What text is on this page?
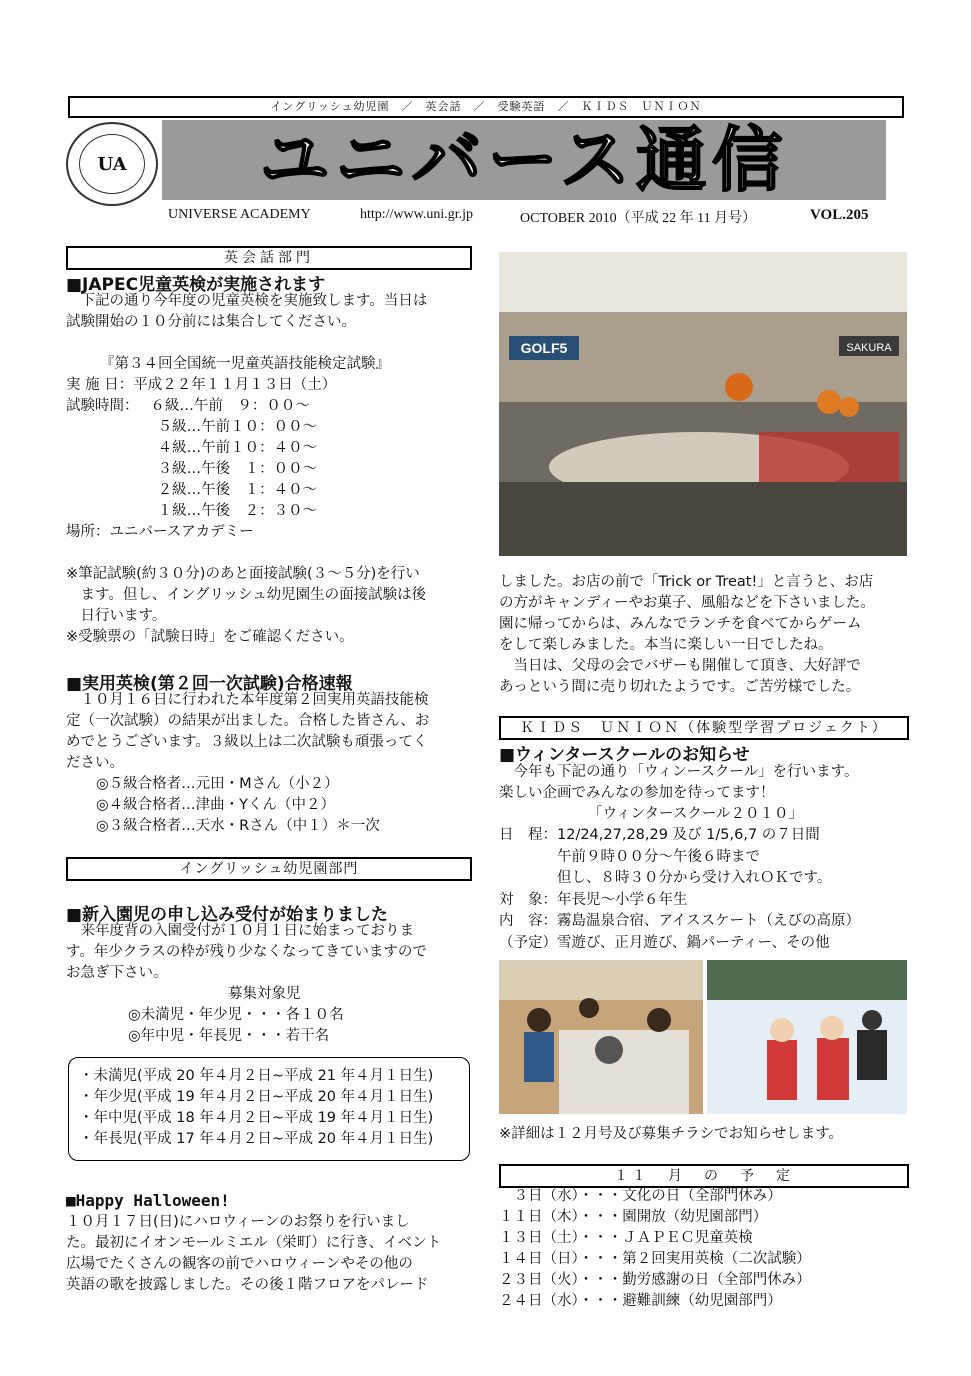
イングリッシュ幼児園　／　英会話　／　受験英語　／　ＫＩＤＳ　ＵＮＩＯＮ
UA	ユニバース通信
UNIVERSE ACADEMY	http://www.uni.gr.jp	OCTOBER 2010（平成 22 年 11 月号）	VOL.205
英会話部門
■JAPEC児童英検が実施されます
　下記の通り今年度の児童英検を実施致します。当日は
試験開始の１０分前には集合してください。
『第３４回全国統一児童英語技能検定試験』
実 施 日：平成２２年１１月１３日（土）
試験時間：　 ６級…午前　９：００～
　　　　　　 ５級…午前１０：００～
　　　　　　 ４級…午前１０：４０～
　　　　　　 ３級…午後　１：００～
　　　　　　 ２級…午後　１：４０～
　　　　　　 １級…午後　２：３０～
場所：ユニバースアカデミー
※筆記試験(約３０分)のあと面接試験(３～５分)を行い
　ます。但し、イングリッシュ幼児園生の面接試験は後
　日行います。
※受験票の「試験日時」をご確認ください。
■実用英検(第２回一次試験)合格速報
　１０月１６日に行われた本年度第２回実用英語技能検
定（一次試験）の結果が出ました。合格した皆さん、お
めでとうございます。３級以上は二次試験も頑張ってく
ださい。
◎５級合格者…元田・Mさん（小２）
◎４級合格者…津曲・Yくん（中２）
◎３級合格者…天水・Rさん（中１）＊一次
イングリッシュ幼児園部門
■新入園児の申し込み受付が始まりました
　来年度背の入園受付が１０月１日に始まっておりま
す。年少クラスの枠が残り少なくなってきていますので
お急ぎ下さい。
募集対象児
◎未満児・年少児・・・各１０名
◎年中児・年長児・・・若干名
・未満児(平成 20 年４月２日~平成 21 年４月１日生)
・年少児(平成 19 年４月２日~平成 20 年４月１日生)
・年中児(平成 18 年４月２日~平成 19 年４月１日生)
・年長児(平成 17 年４月２日~平成 20 年４月１日生)
■Happy Halloween!
１０月１７日(日)にハロウィーンのお祭りを行いまし
た。最初にイオンモールミエル（栄町）に行き、イベント
広場でたくさんの観客の前でハロウィーンやその他の
英語の歌を披露しました。その後１階フロアをパレード
GOLF5	SAKURA
しました。お店の前で「Trick or Treat!」と言うと、お店
の方がキャンディーやお菓子、風船などを下さいました。
園に帰ってからは、みんなでランチを食べてからゲーム
をして楽しみました。本当に楽しい一日でしたね。
　当日は、父母の会でバザーも開催して頂き、大好評で
あっという間に売り切れたようです。ご苦労様でした。
ＫＩＤＳ　ＵＮＩＯＮ（体験型学習プロジェクト）
■ウィンタースクールのお知らせ
　今年も下記の通り「ウィンースクール」を行います。
楽しい企画でみんなの参加を待ってます！
「ウィンタースクール２０１０」
日　程：12/24,27,28,29 及び 1/5,6,7 の７日間
　　　　午前９時００分～午後６時まで
　　　　但し、８時３０分から受け入れＯＫです。
対　象：年長児～小学６年生
内　容：霧島温泉合宿、アイススケート（えびの高原）
（予定）雪遊び、正月遊び、鍋パーティー、その他
※詳細は１２月号及び募集チラシでお知らせします。
１１　月　の　予　定
　３日（水）・・・文化の日（全部門休み）
１１日（木）・・・園開放（幼児園部門）
１３日（土）・・・ＪＡＰＥＣ児童英検
１４日（日）・・・第２回実用英検（二次試験）
２３日（火）・・・勤労感謝の日（全部門休み）
２４日（水）・・・避難訓練（幼児園部門）
